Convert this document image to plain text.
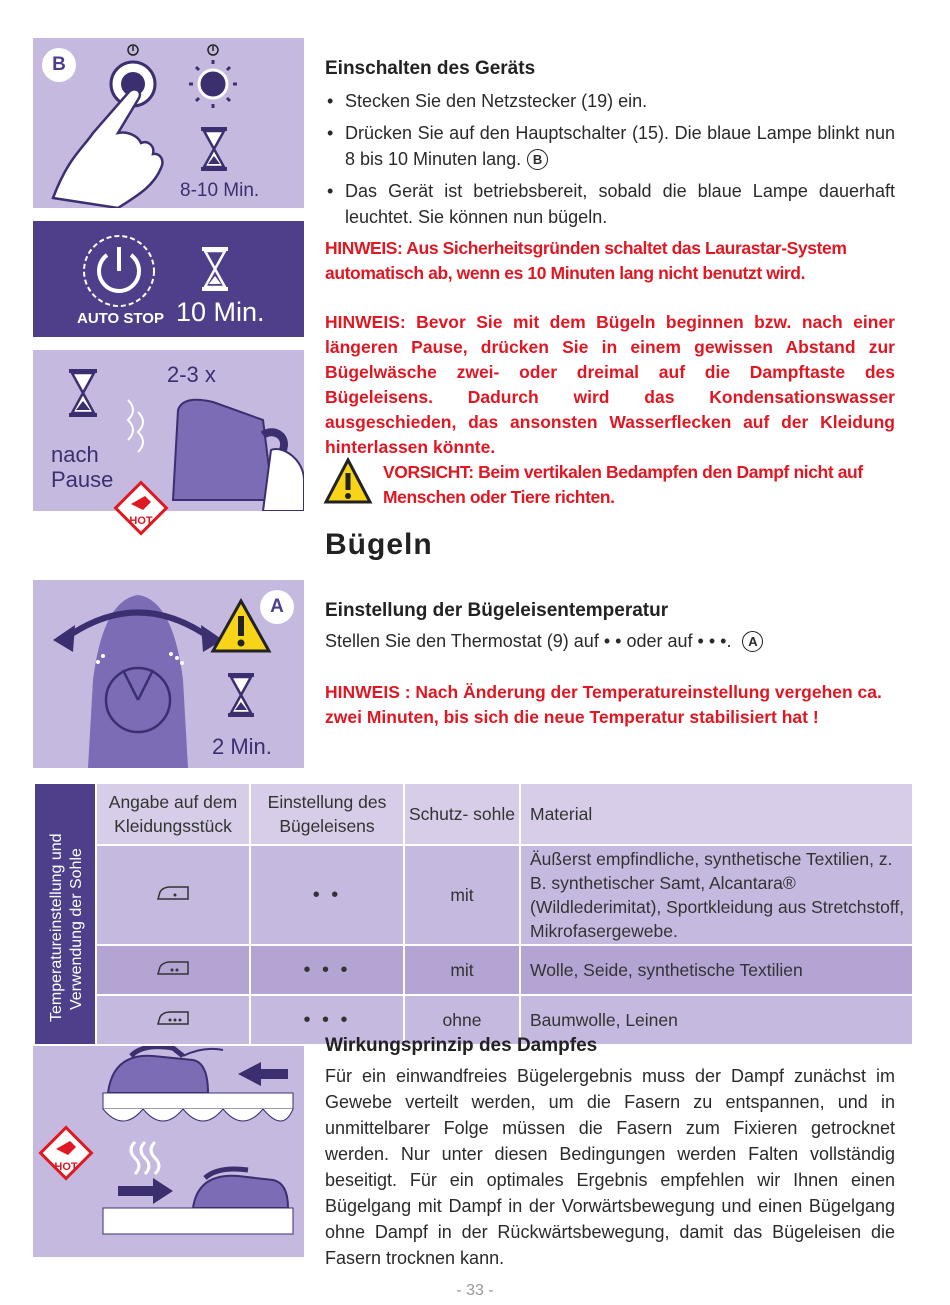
B
8-10 Min.
AUTO STOP 10 Min.
2-3 x
nach
Pause
HOT
A
2 Min.
HOT
Einschalten des Geräts
• Stecken Sie den Netzstecker (19) ein.
• Drücken Sie auf den Hauptschalter (15). Die blaue Lampe blinkt nun 8 bis 10 Minuten lang. B
• Das Gerät ist betriebsbereit, sobald die blaue Lampe dauerhaft leuchtet. Sie können nun bügeln.

HINWEIS: Aus Sicherheitsgründen schaltet das Laurastar-System automatisch ab, wenn es 10 Minuten lang nicht benutzt wird.

HINWEIS: Bevor Sie mit dem Bügeln beginnen bzw. nach einer längeren Pause, drücken Sie in einem gewissen Abstand zur Bügelwäsche zwei- oder dreimal auf die Dampftaste des Bügeleisens. Dadurch wird das Kondensationswasser ausgeschieden, das ansonsten Wasserflecken auf der Kleidung hinterlassen könnte.

VORSICHT: Beim vertikalen Bedampfen den Dampf nicht auf Menschen oder Tiere richten.

Bügeln
Einstellung der Bügeleisentemperatur

Stellen Sie den Thermostat (9) auf • • oder auf • • •. A

HINWEIS : Nach Änderung der Temperatureinstellung vergehen ca. zwei Minuten, bis sich die neue Temperatur stabilisiert hat !

Temperatureinstellung und Verwendung der Sohle	Angabe auf dem Kleidungsstück	Einstellung des Bügeleisens	Schutz- sohle	Material
	• •	mit	Äußerst empfindliche, synthetische Textilien, z. B. synthetischer Samt, Alcantara® (Wildlederimitat), Sportkleidung aus Stretchstoff, Mikrofasergewebe.
	• • •	mit	Wolle, Seide, synthetische Textilien
	• • •	ohne	Baumwolle, Leinen
Wirkungsprinzip des Dampfes

Für ein einwandfreies Bügelergebnis muss der Dampf zunächst im Gewebe verteilt werden, um die Fasern zu entspannen, und in unmittelbarer Folge müssen die Fasern zum Fixieren getrocknet werden. Nur unter diesen Bedingungen werden Falten vollständig beseitigt. Für ein optimales Ergebnis empfehlen wir Ihnen einen Bügelgang mit Dampf in der Vorwärtsbewegung und einen Bügelgang ohne Dampf in der Rückwärtsbewegung, damit das Bügeleisen die Fasern trocknen kann.

- 33 -
